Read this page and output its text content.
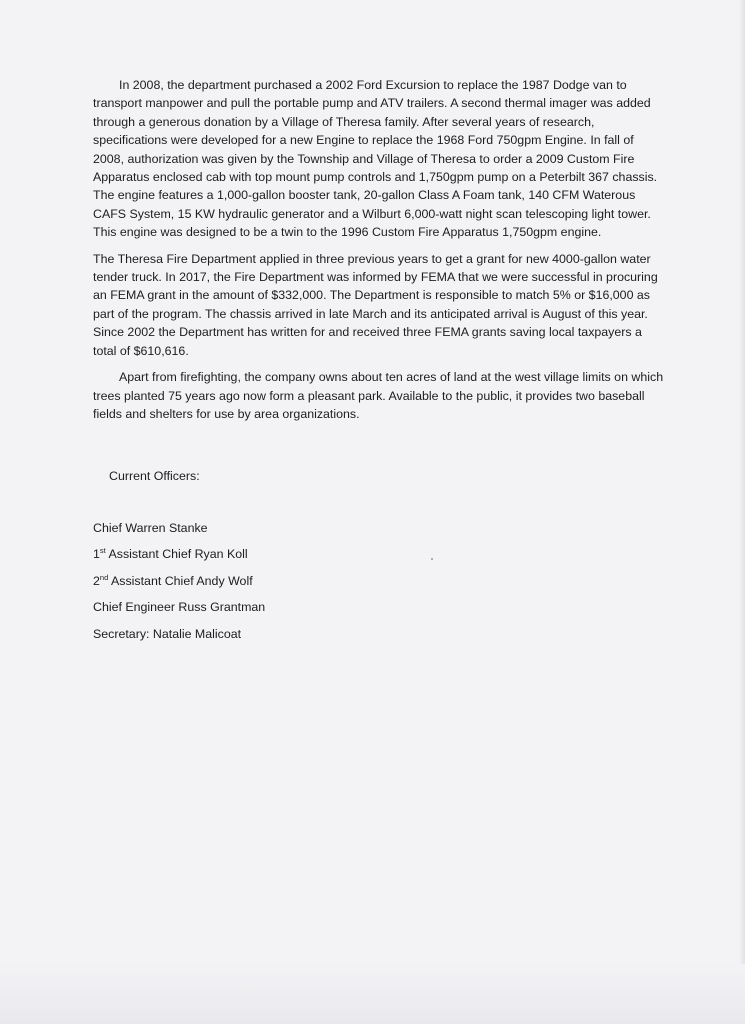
In 2008, the department purchased a 2002 Ford Excursion to replace the 1987 Dodge van to transport manpower and pull the portable pump and ATV trailers. A second thermal imager was added through a generous donation by a Village of Theresa family. After several years of research, specifications were developed for a new Engine to replace the 1968 Ford 750gpm Engine. In fall of 2008, authorization was given by the Township and Village of Theresa to order a 2009 Custom Fire Apparatus enclosed cab with top mount pump controls and 1,750gpm pump on a Peterbilt 367 chassis. The engine features a 1,000-gallon booster tank, 20-gallon Class A Foam tank, 140 CFM Waterous CAFS System, 15 KW hydraulic generator and a Wilburt 6,000-watt night scan telescoping light tower. This engine was designed to be a twin to the 1996 Custom Fire Apparatus 1,750gpm engine.

The Theresa Fire Department applied in three previous years to get a grant for new 4000-gallon water tender truck. In 2017, the Fire Department was informed by FEMA that we were successful in procuring an FEMA grant in the amount of $332,000. The Department is responsible to match 5% or $16,000 as part of the program. The chassis arrived in late March and its anticipated arrival is August of this year. Since 2002 the Department has written for and received three FEMA grants saving local taxpayers a total of $610,616.

Apart from firefighting, the company owns about ten acres of land at the west village limits on which trees planted 75 years ago now form a pleasant park. Available to the public, it provides two baseball fields and shelters for use by area organizations.

Current Officers:
Chief Warren Stanke
1st Assistant Chief Ryan Koll
2nd Assistant Chief Andy Wolf
Chief Engineer Russ Grantman
Secretary: Natalie Malicoat
